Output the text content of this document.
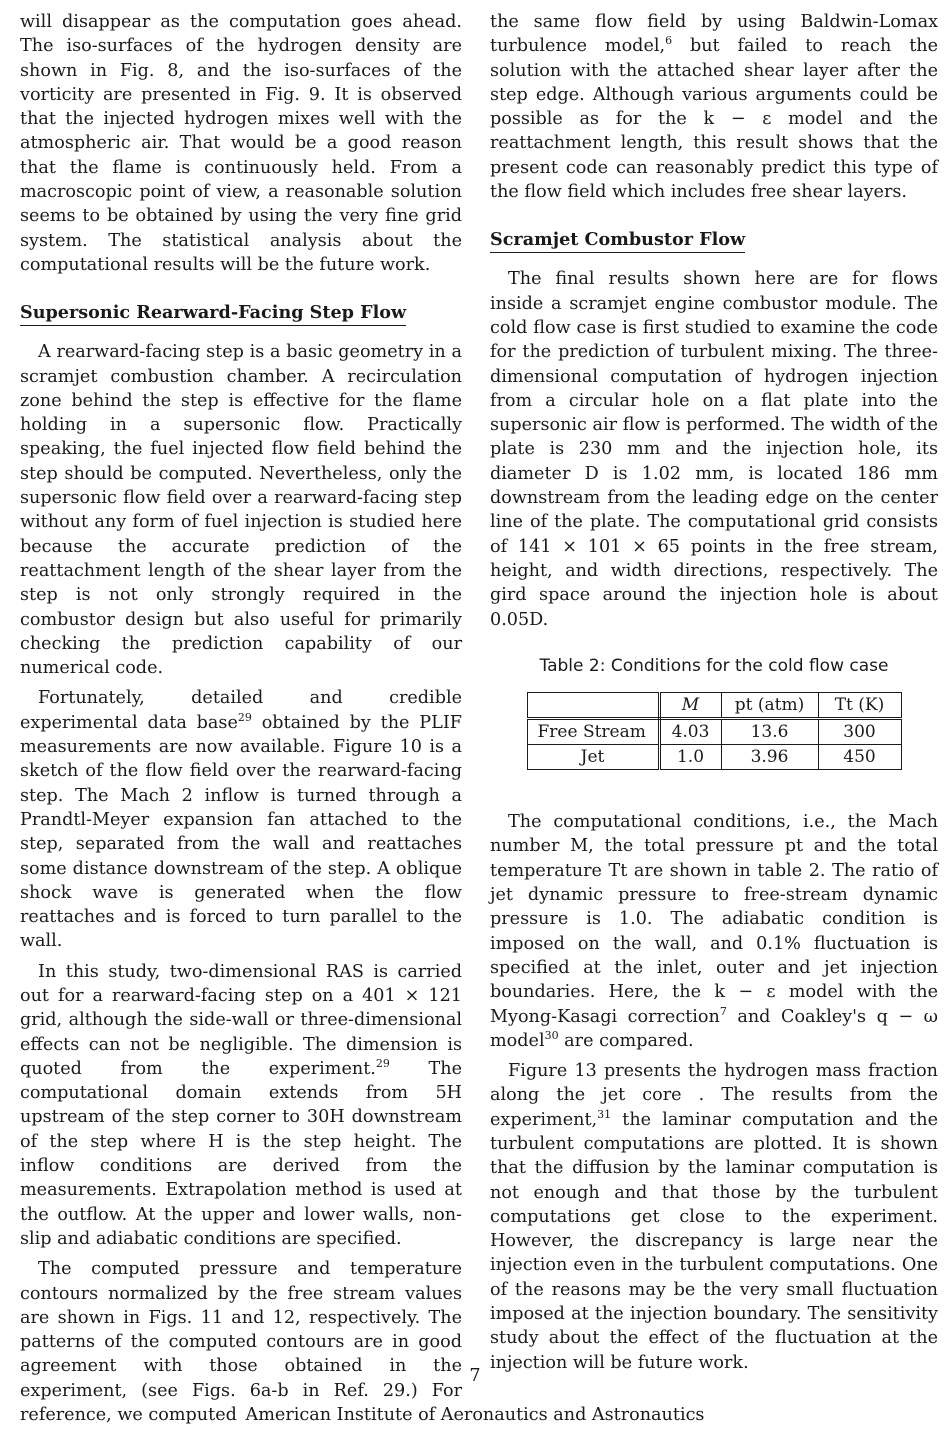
will disappear as the computation goes ahead. The iso-surfaces of the hydrogen density are shown in Fig. 8, and the iso-surfaces of the vorticity are presented in Fig. 9. It is observed that the injected hydrogen mixes well with the atmospheric air. That would be a good reason that the flame is continuously held. From a macroscopic point of view, a reasonable solution seems to be obtained by using the very fine grid system. The statistical analysis about the computational results will be the future work.

Supersonic Rearward-Facing Step Flow

A rearward-facing step is a basic geometry in a scramjet combustion chamber. A recirculation zone behind the step is effective for the flame holding in a supersonic flow. Practically speaking, the fuel injected flow field behind the step should be computed. Nevertheless, only the supersonic flow field over a rearward-facing step without any form of fuel injection is studied here because the accurate prediction of the reattachment length of the shear layer from the step is not only strongly required in the combustor design but also useful for primarily checking the prediction capability of our numerical code.

Fortunately, detailed and credible experimental data base$^{29}$ obtained by the PLIF measurements are now available. Figure 10 is a sketch of the flow field over the rearward-facing step. The Mach 2 inflow is turned through a Prandtl-Meyer expansion fan attached to the step, separated from the wall and reattaches some distance downstream of the step. A oblique shock wave is generated when the flow reattaches and is forced to turn parallel to the wall.

In this study, two-dimensional RAS is carried out for a rearward-facing step on a 401 × 121 grid, although the side-wall or three-dimensional effects can not be negligible. The dimension is quoted from the experiment.$^{29}$ The computational domain extends from 5H upstream of the step corner to 30H downstream of the step where H is the step height. The inflow conditions are derived from the measurements. Extrapolation method is used at the outflow. At the upper and lower walls, non-slip and adiabatic conditions are specified.

The computed pressure and temperature contours normalized by the free stream values are shown in Figs. 11 and 12, respectively. The patterns of the computed contours are in good agreement with those obtained in the experiment, (see Figs. 6a-b in Ref. 29.) For reference, we computed

the same flow field by using Baldwin-Lomax turbulence model,$^6$ but failed to reach the solution with the attached shear layer after the step edge. Although various arguments could be possible as for the k − ε model and the reattachment length, this result shows that the present code can reasonably predict this type of the flow field which includes free shear layers.

Scramjet Combustor Flow

The final results shown here are for flows inside a scramjet engine combustor module. The cold flow case is first studied to examine the code for the prediction of turbulent mixing. The three-dimensional computation of hydrogen injection from a circular hole on a flat plate into the supersonic air flow is performed. The width of the plate is 230 mm and the injection hole, its diameter D is 1.02 mm, is located 186 mm downstream from the leading edge on the center line of the plate. The computational grid consists of 141 × 101 × 65 points in the free stream, height, and width directions, respectively. The gird space around the injection hole is about 0.05D.

Table 2: Conditions for the cold flow case
	M	pt (atm)	Tt (K)
Free Stream	4.03	13.6	300
Jet	1.0	3.96	450

The computational conditions, i.e., the Mach number M, the total pressure pt and the total temperature Tt are shown in table 2. The ratio of jet dynamic pressure to free-stream dynamic pressure is 1.0. The adiabatic condition is imposed on the wall, and 0.1% fluctuation is specified at the inlet, outer and jet injection boundaries. Here, the k − ε model with the Myong-Kasagi correction$^7$ and Coakley's q − ω model$^{30}$ are compared.

Figure 13 presents the hydrogen mass fraction along the jet core . The results from the experiment,$^{31}$ the laminar computation and the turbulent computations are plotted. It is shown that the diffusion by the laminar computation is not enough and that those by the turbulent computations get close to the experiment. However, the discrepancy is large near the injection even in the turbulent computations. One of the reasons may be the very small fluctuation imposed at the injection boundary. The sensitivity study about the effect of the fluctuation at the injection will be future work.

7
American Institute of Aeronautics and Astronautics
